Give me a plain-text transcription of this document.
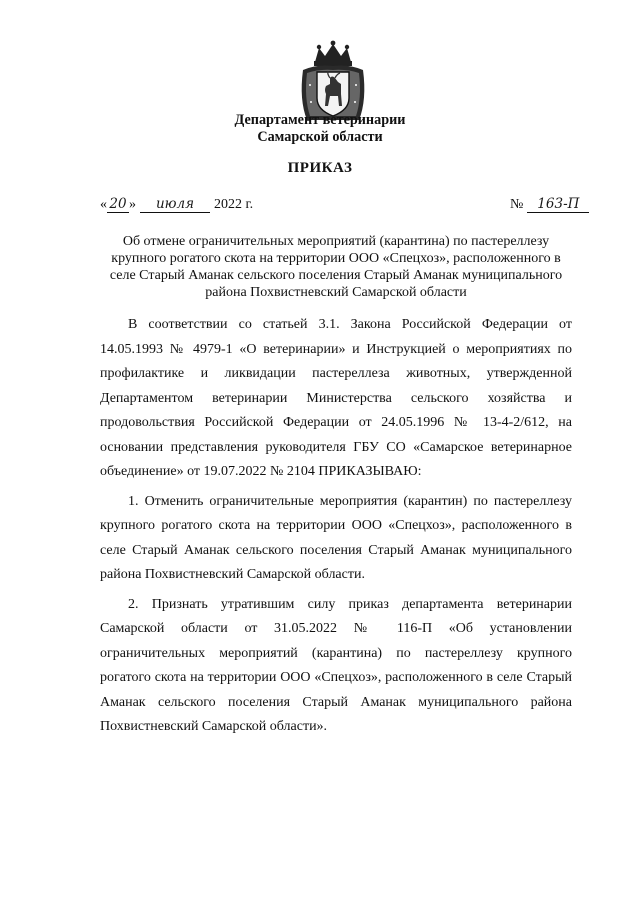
Департамент ветеринарии
Самарской области
ПРИКАЗ
« 20 »	июля	2022 г.	№	163-П
Об отмене ограничительных мероприятий (карантина) по пастереллезу крупного рогатого скота на территории ООО «Спецхоз», расположенного в селе Старый Аманак сельского поселения Старый Аманак муниципального района Похвистневский Самарской области

В соответствии со статьей 3.1. Закона Российской Федерации от 14.05.1993 № 4979-1 «О ветеринарии» и Инструкцией о мероприятиях по профилактике и ликвидации пастереллеза животных, утвержденной Департаментом ветеринарии Министерства сельского хозяйства и продовольствия Российской Федерации от 24.05.1996 № 13-4-2/612, на основании представления руководителя ГБУ СО «Самарское ветеринарное объединение» от 19.07.2022 № 2104 ПРИКАЗЫВАЮ:

1. Отменить ограничительные мероприятия (карантин) по пастереллезу крупного рогатого скота на территории ООО «Спецхоз», расположенного в селе Старый Аманак сельского поселения Старый Аманак муниципального района Похвистневский Самарской области.

2. Признать утратившим силу приказ департамента ветеринарии Самарской области от 31.05.2022 № 116-П «Об установлении ограничительных мероприятий (карантина) по пастереллезу крупного рогатого скота на территории ООО «Спецхоз», расположенного в селе Старый Аманак сельского поселения Старый Аманак муниципального района Похвистневский Самарской области».
